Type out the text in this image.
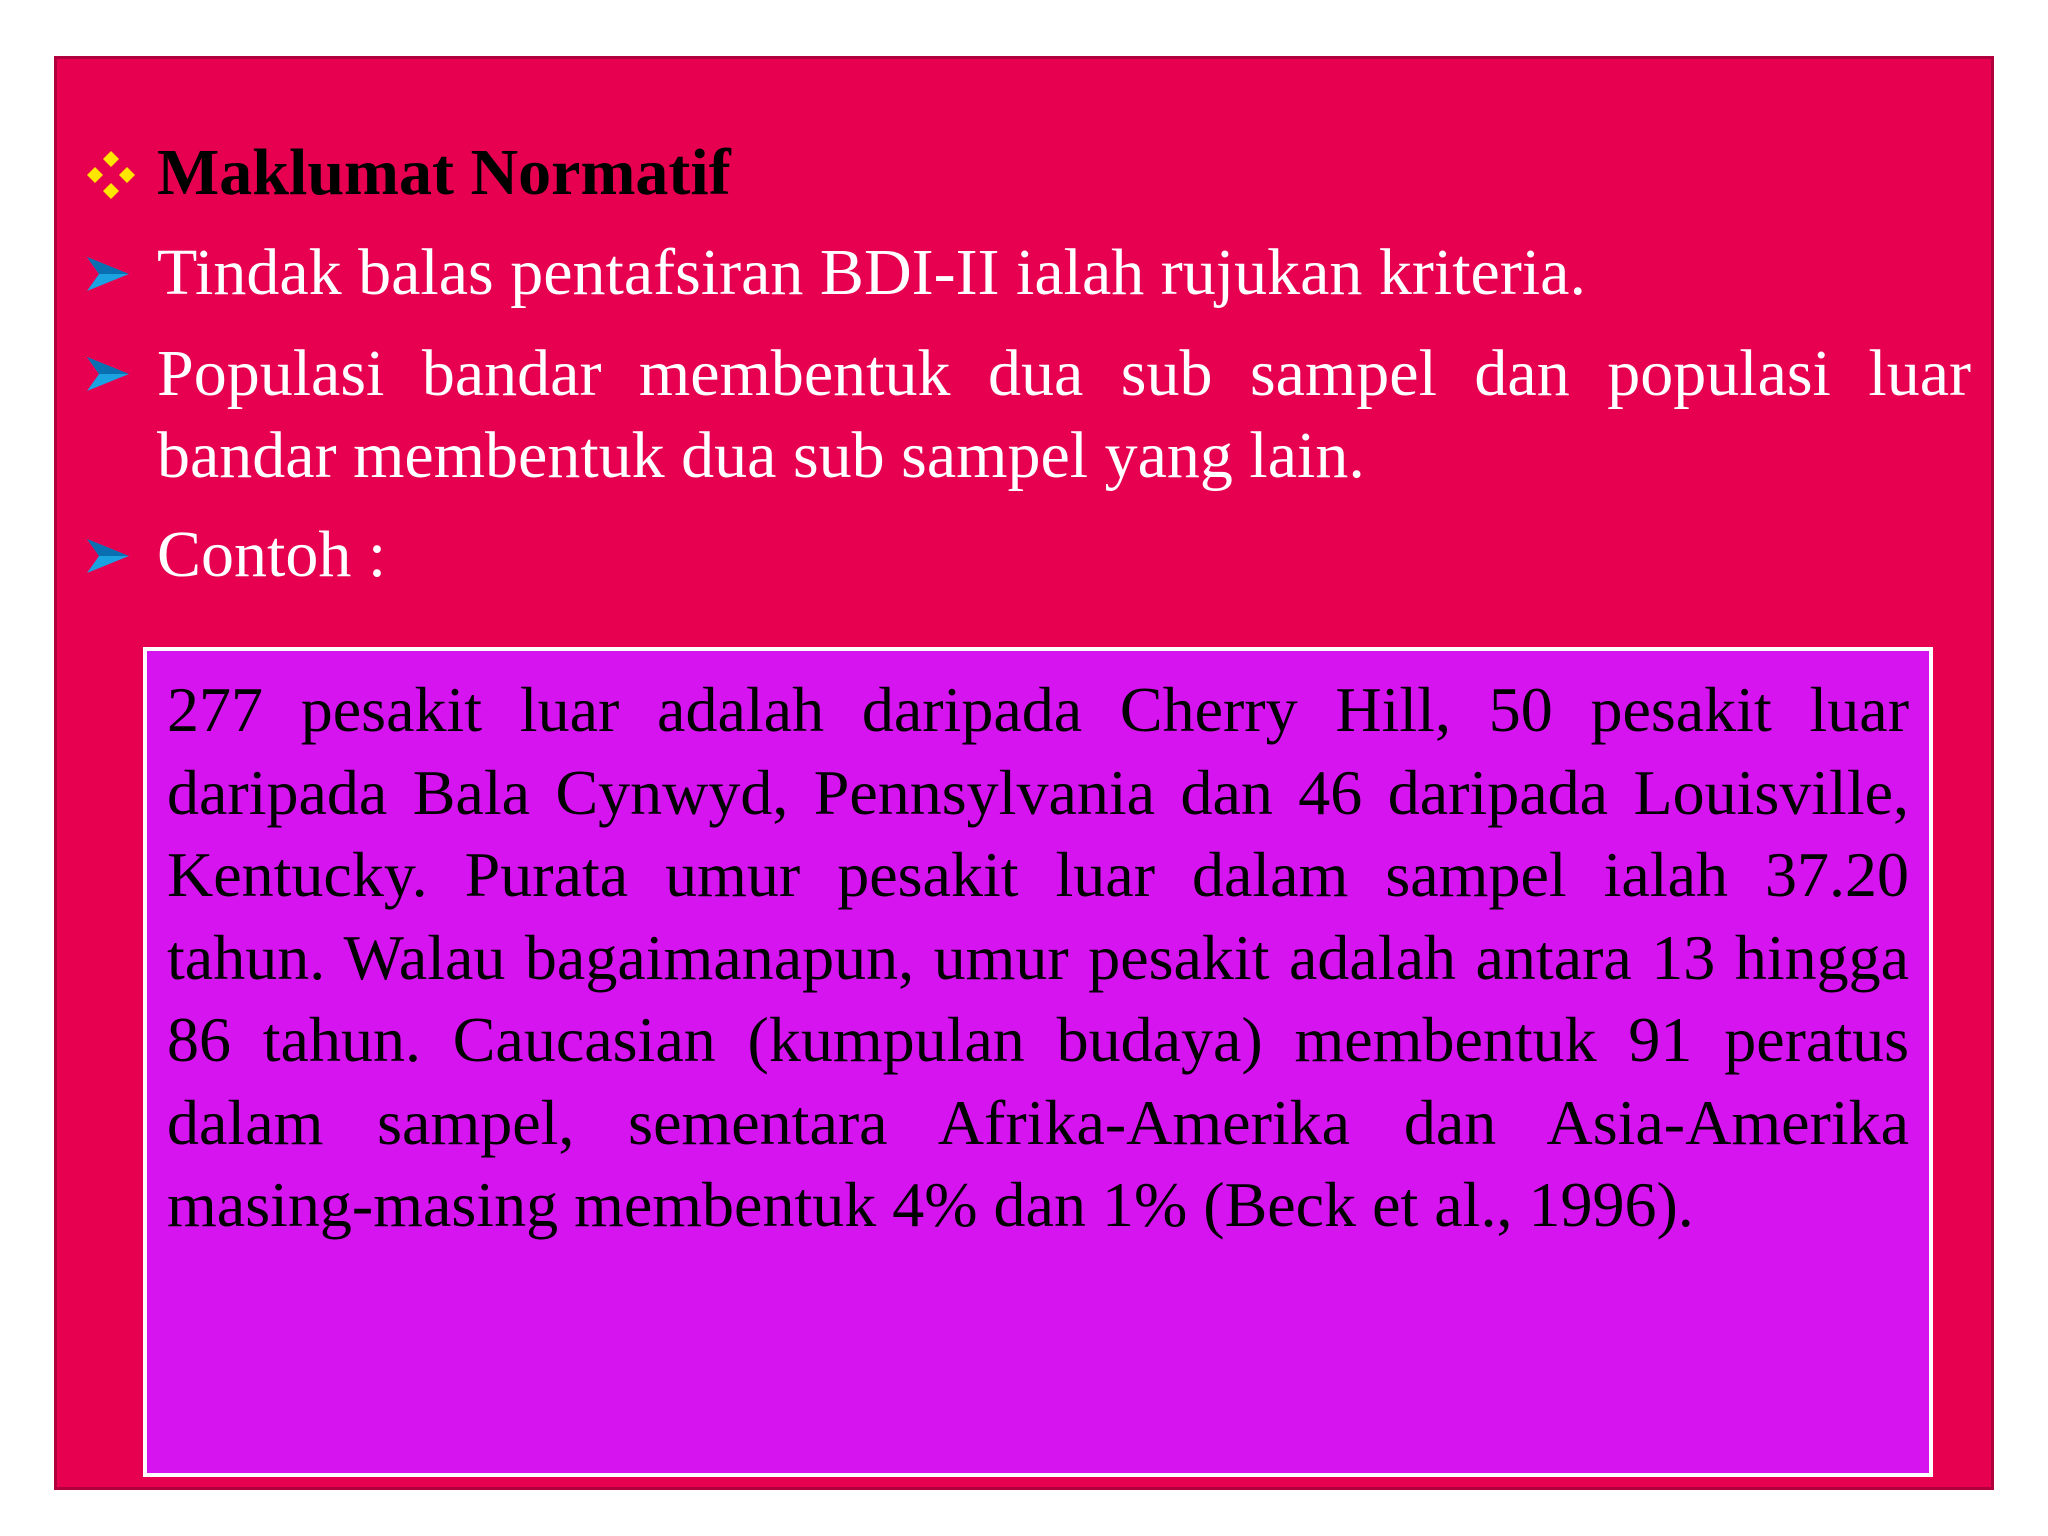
Maklumat Normatif
Tindak balas pentafsiran BDI-II ialah rujukan kriteria.
Populasi bandar membentuk dua sub sampel dan populasi luar bandar membentuk dua sub sampel yang lain.
Contoh :
277 pesakit luar adalah daripada Cherry Hill, 50 pesakit luar daripada Bala Cynwyd, Pennsylvania dan 46 daripada Louisville, Kentucky. Purata umur pesakit luar dalam sampel ialah 37.20 tahun. Walau bagaimanapun, umur pesakit adalah antara 13 hingga 86 tahun. Caucasian (kumpulan budaya) membentuk 91 peratus dalam sampel, sementara Afrika-Amerika dan Asia-Amerika masing-masing membentuk 4% dan 1% (Beck et al., 1996).
